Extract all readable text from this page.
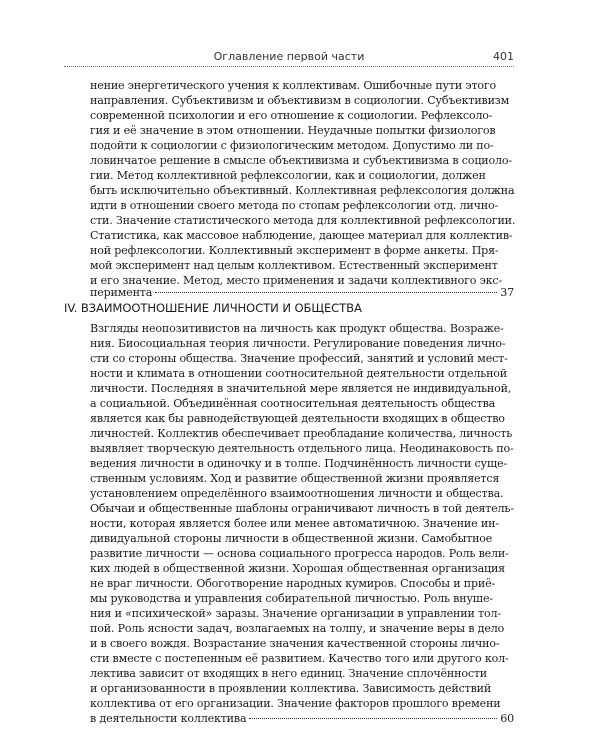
Оглавление первой части	401
нение энергетического учения к коллективам. Ошибочные пути этого
направления. Субъективизм и объективизм в социологии. Субъективизм
современной психологии и его отношение к социологии. Рефлексоло-
гия и её значение в этом отношении. Неудачные попытки физиологов
подойти к социологии с физиологическим методом. Допустимо ли по-
ловинчатое решение в смысле объективизма и субъективизма в социоло-
гии. Метод коллективной рефлексологии, как и социологии, должен
быть исключительно объективный. Коллективная рефлексология должна
идти в отношении своего метода по стопам рефлексологии отд. лично-
сти. Значение статистического метода для коллективной рефлексологии.
Статистика, как массовое наблюдение, дающее материал для коллектив-
ной рефлексологии. Коллективный эксперимент в форме анкеты. Пря-
мой эксперимент над целым коллективом. Естественный эксперимент
и его значение. Метод, место применения и задачи коллективного экс-
перимента	37
IV. ВЗАИМООТНОШЕНИЕ ЛИЧНОСТИ И ОБЩЕСТВА
Взгляды неопозитивистов на личность как продукт общества. Возраже-
ния. Биосоциальная теория личности. Регулирование поведения лично-
сти со стороны общества. Значение профессий, занятий и условий мест-
ности и климата в отношении соотносительной деятельности отдельной
личности. Последняя в значительной мере является не индивидуальной,
а социальной. Объединённая соотносительная деятельность общества
является как бы равнодействующей деятельности входящих в общество
личностей. Коллектив обеспечивает преобладание количества, личность
выявляет творческую деятельность отдельного лица. Неодинаковость по-
ведения личности в одиночку и в толпе. Подчинённость личности суще-
ственным условиям. Ход и развитие общественной жизни проявляется
установлением определённого взаимоотношения личности и общества.
Обычаи и общественные шаблоны ограничивают личность в той деятель-
ности, которая является более или менее автоматичною. Значение ин-
дивидуальной стороны личности в общественной жизни. Самобытное
развитие личности — основа социального прогресса народов. Роль вели-
ких людей в общественной жизни. Хорошая общественная организация
не враг личности. Обоготворение народных кумиров. Способы и приё-
мы руководства и управления собирательной личностью. Роль внуше-
ния и «психической» заразы. Значение организации в управлении тол-
пой. Роль ясности задач, возлагаемых на толпу, и значение веры в дело
и в своего вождя. Возрастание значения качественной стороны лично-
сти вместе с постепенным её развитием. Качество того или другого кол-
лектива зависит от входящих в него единиц. Значение сплочённости
и организованности в проявлении коллектива. Зависимость действий
коллектива от его организации. Значение факторов прошлого времени
в деятельности коллектива	60
